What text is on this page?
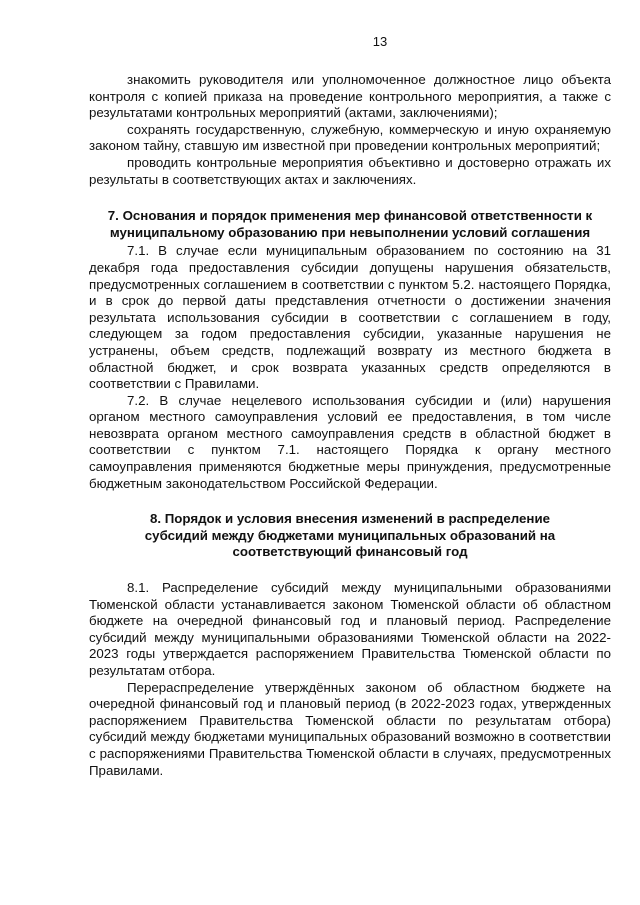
13

знакомить руководителя или уполномоченное должностное лицо объекта контроля с копией приказа на проведение контрольного мероприятия, а также с результатами контрольных мероприятий (актами, заключениями);

сохранять государственную, служебную, коммерческую и иную охраняемую законом тайну, ставшую им известной при проведении контрольных мероприятий;

проводить контрольные мероприятия объективно и достоверно отражать их результаты в соответствующих актах и заключениях.

7. Основания и порядок применения мер финансовой ответственности к муниципальному образованию при невыполнении условий соглашения

7.1. В случае если муниципальным образованием по состоянию на 31 декабря года предоставления субсидии допущены нарушения обязательств, предусмотренных соглашением в соответствии с пунктом 5.2. настоящего Порядка, и в срок до первой даты представления отчетности о достижении значения результата использования субсидии в соответствии с соглашением в году, следующем за годом предоставления субсидии, указанные нарушения не устранены, объем средств, подлежащий возврату из местного бюджета в областной бюджет, и срок возврата указанных средств определяются в соответствии с Правилами.

7.2. В случае нецелевого использования субсидии и (или) нарушения органом местного самоуправления условий ее предоставления, в том числе невозврата органом местного самоуправления средств в областной бюджет в соответствии с пунктом 7.1. настоящего Порядка к органу местного самоуправления применяются бюджетные меры принуждения, предусмотренные бюджетным законодательством Российской Федерации.

8. Порядок и условия внесения изменений в распределение субсидий между бюджетами муниципальных образований на соответствующий финансовый год

8.1. Распределение субсидий между муниципальными образованиями Тюменской области устанавливается законом Тюменской области об областном бюджете на очередной финансовый год и плановый период. Распределение субсидий между муниципальными образованиями Тюменской области на 2022-2023 годы утверждается распоряжением Правительства Тюменской области по результатам отбора.

Перераспределение утверждённых законом об областном бюджете на очередной финансовый год и плановый период (в 2022-2023 годах, утвержденных распоряжением Правительства Тюменской области по результатам отбора) субсидий между бюджетами муниципальных образований возможно в соответствии с распоряжениями Правительства Тюменской области в случаях, предусмотренных Правилами.
